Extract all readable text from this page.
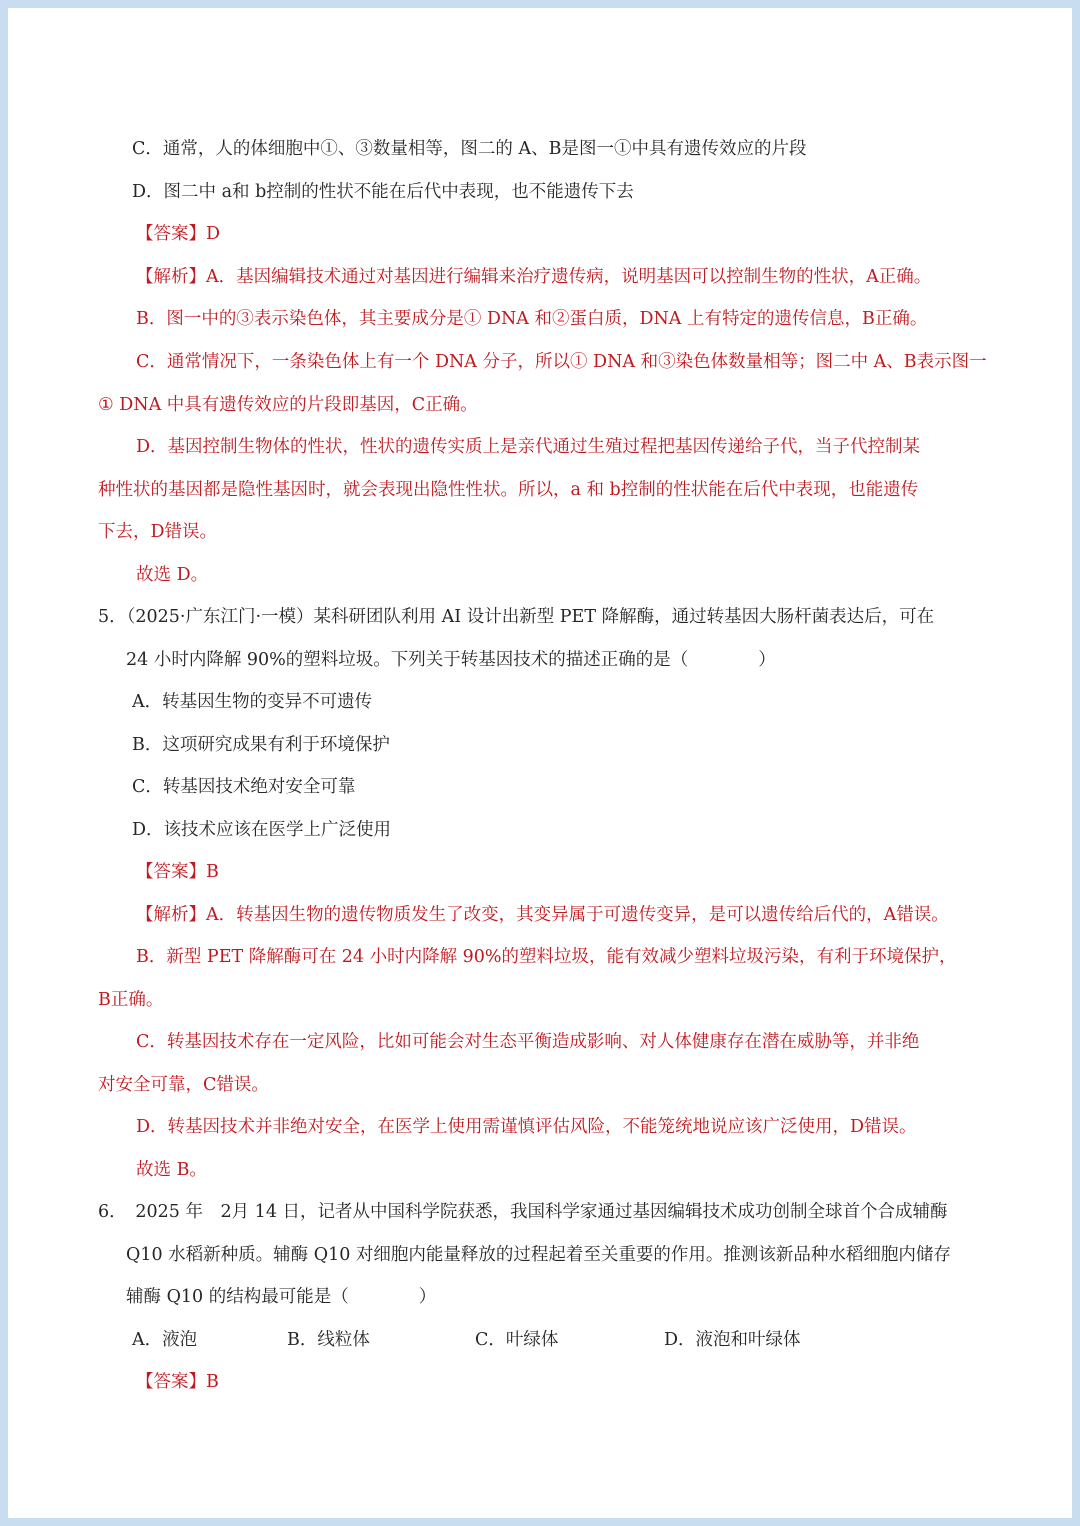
C．通常，人的体细胞中①、③数量相等，图二的 A、B是图一①中具有遗传效应的片段
D．图二中 a和 b控制的性状不能在后代中表现，也不能遗传下去
【答案】D
【解析】A．基因编辑技术通过对基因进行编辑来治疗遗传病，说明基因可以控制生物的性状，A正确。
B．图一中的③表示染色体，其主要成分是① DNA 和②蛋白质，DNA 上有特定的遗传信息，B正确。
C．通常情况下，一条染色体上有一个 DNA 分子，所以① DNA 和③染色体数量相等；图二中 A、B表示图一
① DNA 中具有遗传效应的片段即基因，C正确。
D．基因控制生物体的性状，性状的遗传实质上是亲代通过生殖过程把基因传递给子代，当子代控制某
种性状的基因都是隐性基因时，就会表现出隐性性状。所以，a 和 b控制的性状能在后代中表现，也能遗传
下去，D错误。
故选 D。
5．（2025·广东江门·一模）某科研团队利用 AI 设计出新型 PET 降解酶，通过转基因大肠杆菌表达后，可在
24 小时内降解 90%的塑料垃圾。下列关于转基因技术的描述正确的是（　　　　）
A．转基因生物的变异不可遗传
B．这项研究成果有利于环境保护
C．转基因技术绝对安全可靠
D．该技术应该在医学上广泛使用
【答案】B
【解析】A．转基因生物的遗传物质发生了改变，其变异属于可遗传变异，是可以遗传给后代的，A错误。
B．新型 PET 降解酶可在 24 小时内降解 90%的塑料垃圾，能有效减少塑料垃圾污染，有利于环境保护，
B正确。
C．转基因技术存在一定风险，比如可能会对生态平衡造成影响、对人体健康存在潜在威胁等，并非绝
对安全可靠，C错误。
D．转基因技术并非绝对安全，在医学上使用需谨慎评估风险，不能笼统地说应该广泛使用，D错误。
故选 B。
6．　2025 年　2月 14 日，记者从中国科学院获悉，我国科学家通过基因编辑技术成功创制全球首个合成辅酶
Q10 水稻新种质。辅酶 Q10 对细胞内能量释放的过程起着至关重要的作用。推测该新品种水稻细胞内储存
辅酶 Q10 的结构最可能是（　　　　）
A．液泡	B．线粒体	C．叶绿体	D．液泡和叶绿体
【答案】B
